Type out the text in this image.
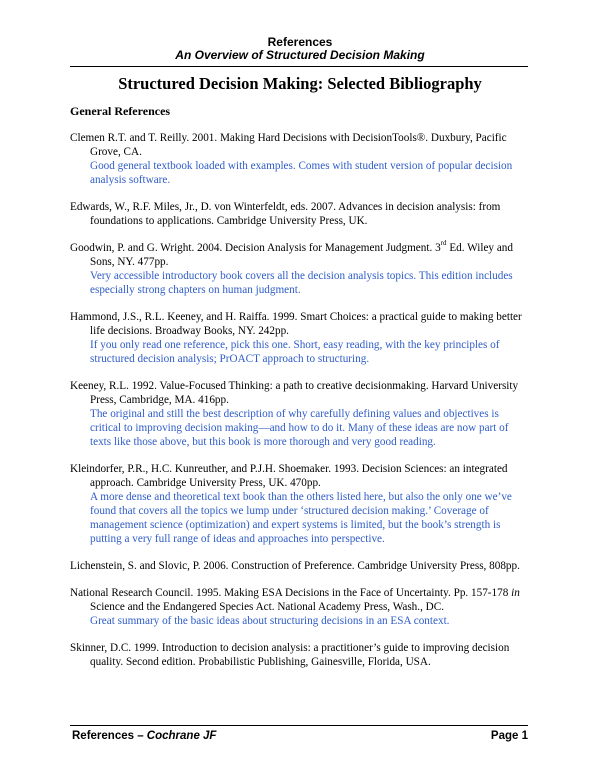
References
An Overview of Structured Decision Making
Structured Decision Making: Selected Bibliography
General References

Clemen R.T. and T. Reilly. 2001. Making Hard Decisions with DecisionTools®. Duxbury, Pacific Grove, CA.

Good general textbook loaded with examples. Comes with student version of popular decision analysis software.

Edwards, W., R.F. Miles, Jr., D. von Winterfeldt, eds. 2007. Advances in decision analysis: from foundations to applications. Cambridge University Press, UK.

Goodwin, P. and G. Wright. 2004. Decision Analysis for Management Judgment. 3rd Ed. Wiley and Sons, NY. 477pp.

Very accessible introductory book covers all the decision analysis topics. This edition includes especially strong chapters on human judgment.

Hammond, J.S., R.L. Keeney, and H. Raiffa. 1999. Smart Choices: a practical guide to making better life decisions. Broadway Books, NY. 242pp.

If you only read one reference, pick this one. Short, easy reading, with the key principles of structured decision analysis; PrOACT approach to structuring.

Keeney, R.L. 1992. Value-Focused Thinking: a path to creative decisionmaking. Harvard University Press, Cambridge, MA. 416pp.

The original and still the best description of why carefully defining values and objectives is critical to improving decision making—and how to do it. Many of these ideas are now part of texts like those above, but this book is more thorough and very good reading.

Kleindorfer, P.R., H.C. Kunreuther, and P.J.H. Shoemaker. 1993. Decision Sciences: an integrated approach. Cambridge University Press, UK. 470pp.

A more dense and theoretical text book than the others listed here, but also the only one we’ve found that covers all the topics we lump under ‘structured decision making.’ Coverage of management science (optimization) and expert systems is limited, but the book’s strength is putting a very full range of ideas and approaches into perspective.

Lichenstein, S. and Slovic, P. 2006. Construction of Preference. Cambridge University Press, 808pp.

National Research Council. 1995. Making ESA Decisions in the Face of Uncertainty. Pp. 157-178 in Science and the Endangered Species Act. National Academy Press, Wash., DC.

Great summary of the basic ideas about structuring decisions in an ESA context.

Skinner, D.C. 1999. Introduction to decision analysis: a practitioner’s guide to improving decision quality. Second edition. Probabilistic Publishing, Gainesville, Florida, USA.

References – Cochrane JF	Page 1
